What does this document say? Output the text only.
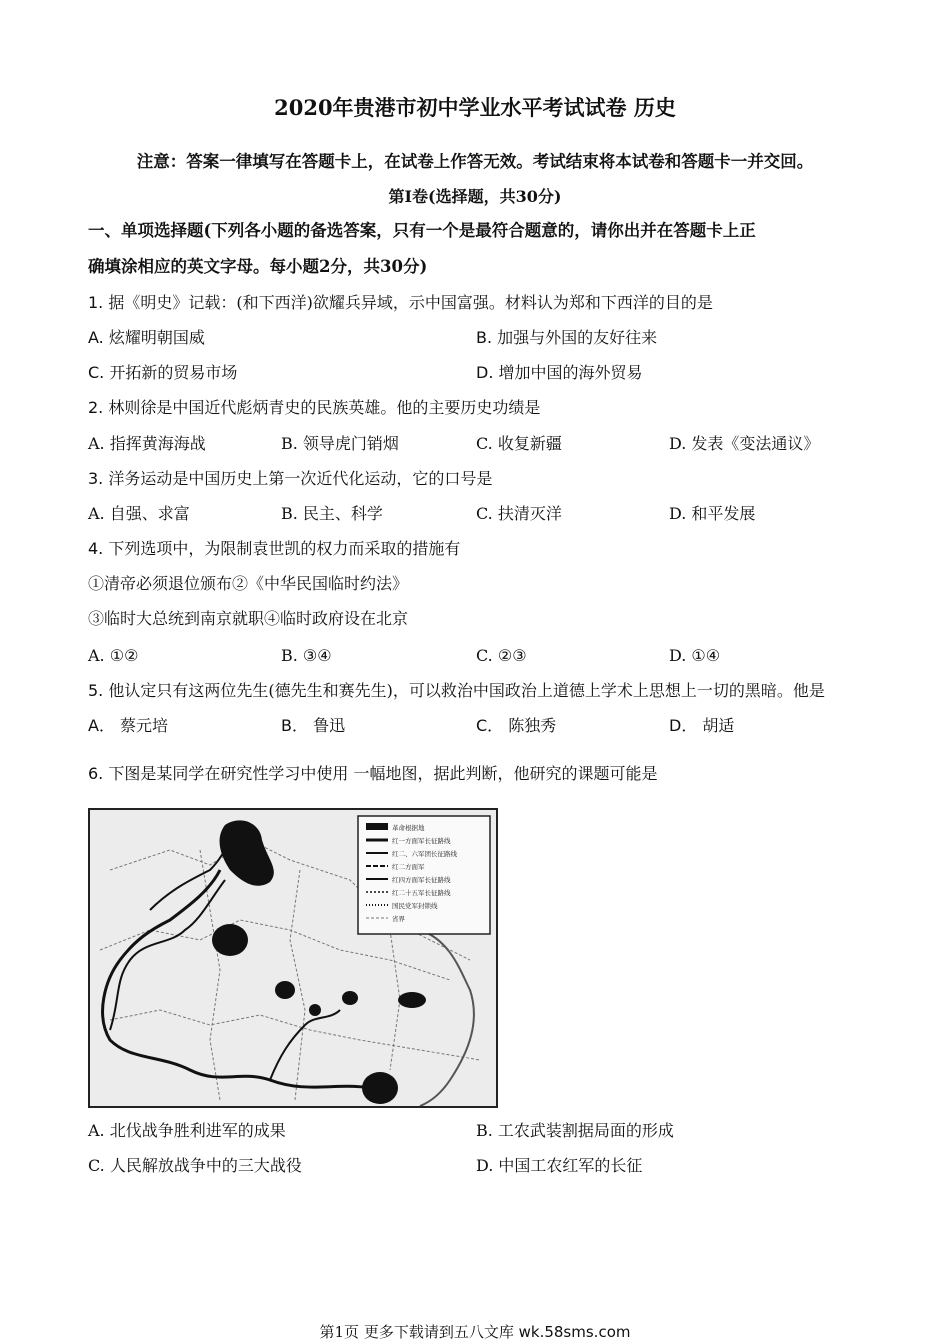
2020年贵港市初中学业水平考试试卷 历史
注意：答案一律填写在答题卡上，在试卷上作答无效。考试结束将本试卷和答题卡一并交回。
第Ⅰ卷(选择题，共30分)
一、单项选择题(下列各小题的备选答案，只有一个是最符合题意的，请你出并在答题卡上正
确填涂相应的英文字母。每小题2分，共30分)
1. 据《明史》记载：(和下西洋)欲耀兵异域，示中国富强。材料认为郑和下西洋的目的是
A. 炫耀明朝国威	B. 加强与外国的友好往来
C. 开拓新的贸易市场	D. 增加中国的海外贸易
2. 林则徐是中国近代彪炳青史的民族英雄。他的主要历史功绩是
A. 指挥黄海海战	B. 领导虎门销烟	C. 收复新疆	D. 发表《变法通议》
3. 洋务运动是中国历史上第一次近代化运动，它的口号是
A. 自强、求富	B. 民主、科学	C. 扶清灭洋	D. 和平发展
4. 下列选项中，为限制袁世凯的权力而采取的措施有
①清帝必须退位颁布②《中华民国临时约法》
③临时大总统到南京就职④临时政府设在北京
A. ①②	B. ③④	C. ②③	D. ①④
5. 他认定只有这两位先生(德先生和赛先生)，可以救治中国政治上道德上学术上思想上一切的黑暗。他是
A． 蔡元培	B． 鲁迅	C． 陈独秀	D． 胡适
6. 下图是某同学在研究性学习中使用 一幅地图，据此判断，他研究的课题可能是
革命根据地
红一方面军长征路线
红二、六军团长征路线
红二方面军
红四方面军长征路线
红二十五军长征路线
国民党军封锁线
省界
A. 北伐战争胜利进军的成果	B. 工农武装割据局面的形成
C. 人民解放战争中的三大战役	D. 中国工农红军的长征
第1页 更多下载请到五八文库 wk.58sms.com
